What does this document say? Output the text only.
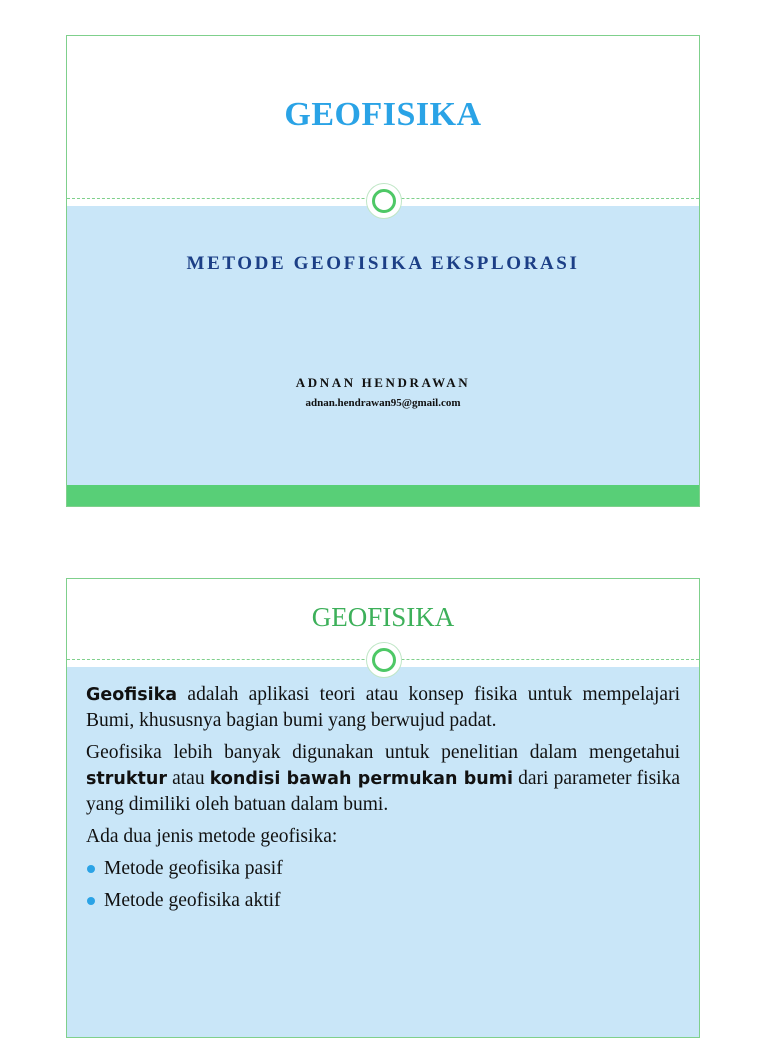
GEOFISIKA
METODE GEOFISIKA EKSPLORASI
ADNAN HENDRAWAN
adnan.hendrawan95@gmail.com
GEOFISIKA

Geofisika adalah aplikasi teori atau konsep fisika untuk mempelajari Bumi, khususnya bagian bumi yang berwujud padat.

Geofisika lebih banyak digunakan untuk penelitian dalam mengetahui struktur atau kondisi bawah permukan bumi dari parameter fisika yang dimiliki oleh batuan dalam bumi.

Ada dua jenis metode geofisika:

Metode geofisika pasif
Metode geofisika aktif
